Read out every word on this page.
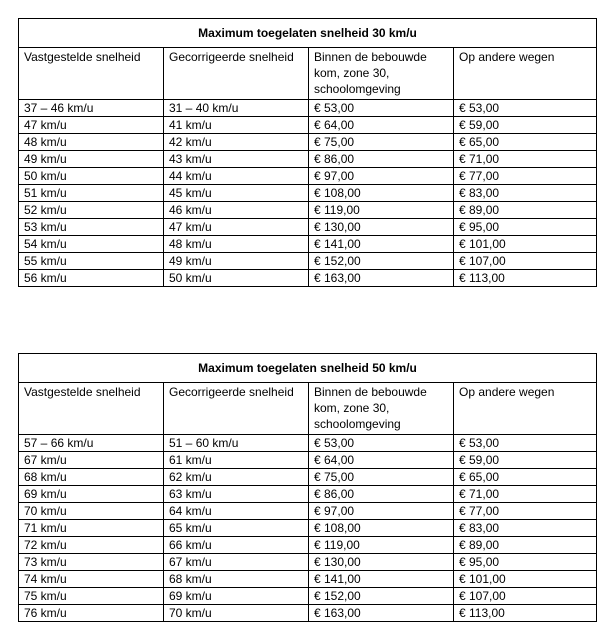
Maximum toegelaten snelheid 30 km/u			
Vastgestelde snelheid	Gecorrigeerde snelheid	Binnen de bebouwde kom, zone 30, schoolomgeving	Op andere wegen
37 – 46 km/u	31 – 40 km/u	€ 53,00	€ 53,00
47 km/u	41 km/u	€ 64,00	€ 59,00
48 km/u	42 km/u	€ 75,00	€ 65,00
49 km/u	43 km/u	€ 86,00	€ 71,00
50 km/u	44 km/u	€ 97,00	€ 77,00
51 km/u	45 km/u	€ 108,00	€ 83,00
52 km/u	46 km/u	€ 119,00	€ 89,00
53 km/u	47 km/u	€ 130,00	€ 95,00
54 km/u	48 km/u	€ 141,00	€ 101,00
55 km/u	49 km/u	€ 152,00	€ 107,00
56 km/u	50 km/u	€ 163,00	€ 113,00
Maximum toegelaten snelheid 50 km/u			
Vastgestelde snelheid	Gecorrigeerde snelheid	Binnen de bebouwde kom, zone 30, schoolomgeving	Op andere wegen
57 – 66 km/u	51 – 60 km/u	€ 53,00	€ 53,00
67 km/u	61 km/u	€ 64,00	€ 59,00
68 km/u	62 km/u	€ 75,00	€ 65,00
69 km/u	63 km/u	€ 86,00	€ 71,00
70 km/u	64 km/u	€ 97,00	€ 77,00
71 km/u	65 km/u	€ 108,00	€ 83,00
72 km/u	66 km/u	€ 119,00	€ 89,00
73 km/u	67 km/u	€ 130,00	€ 95,00
74 km/u	68 km/u	€ 141,00	€ 101,00
75 km/u	69 km/u	€ 152,00	€ 107,00
76 km/u	70 km/u	€ 163,00	€ 113,00
